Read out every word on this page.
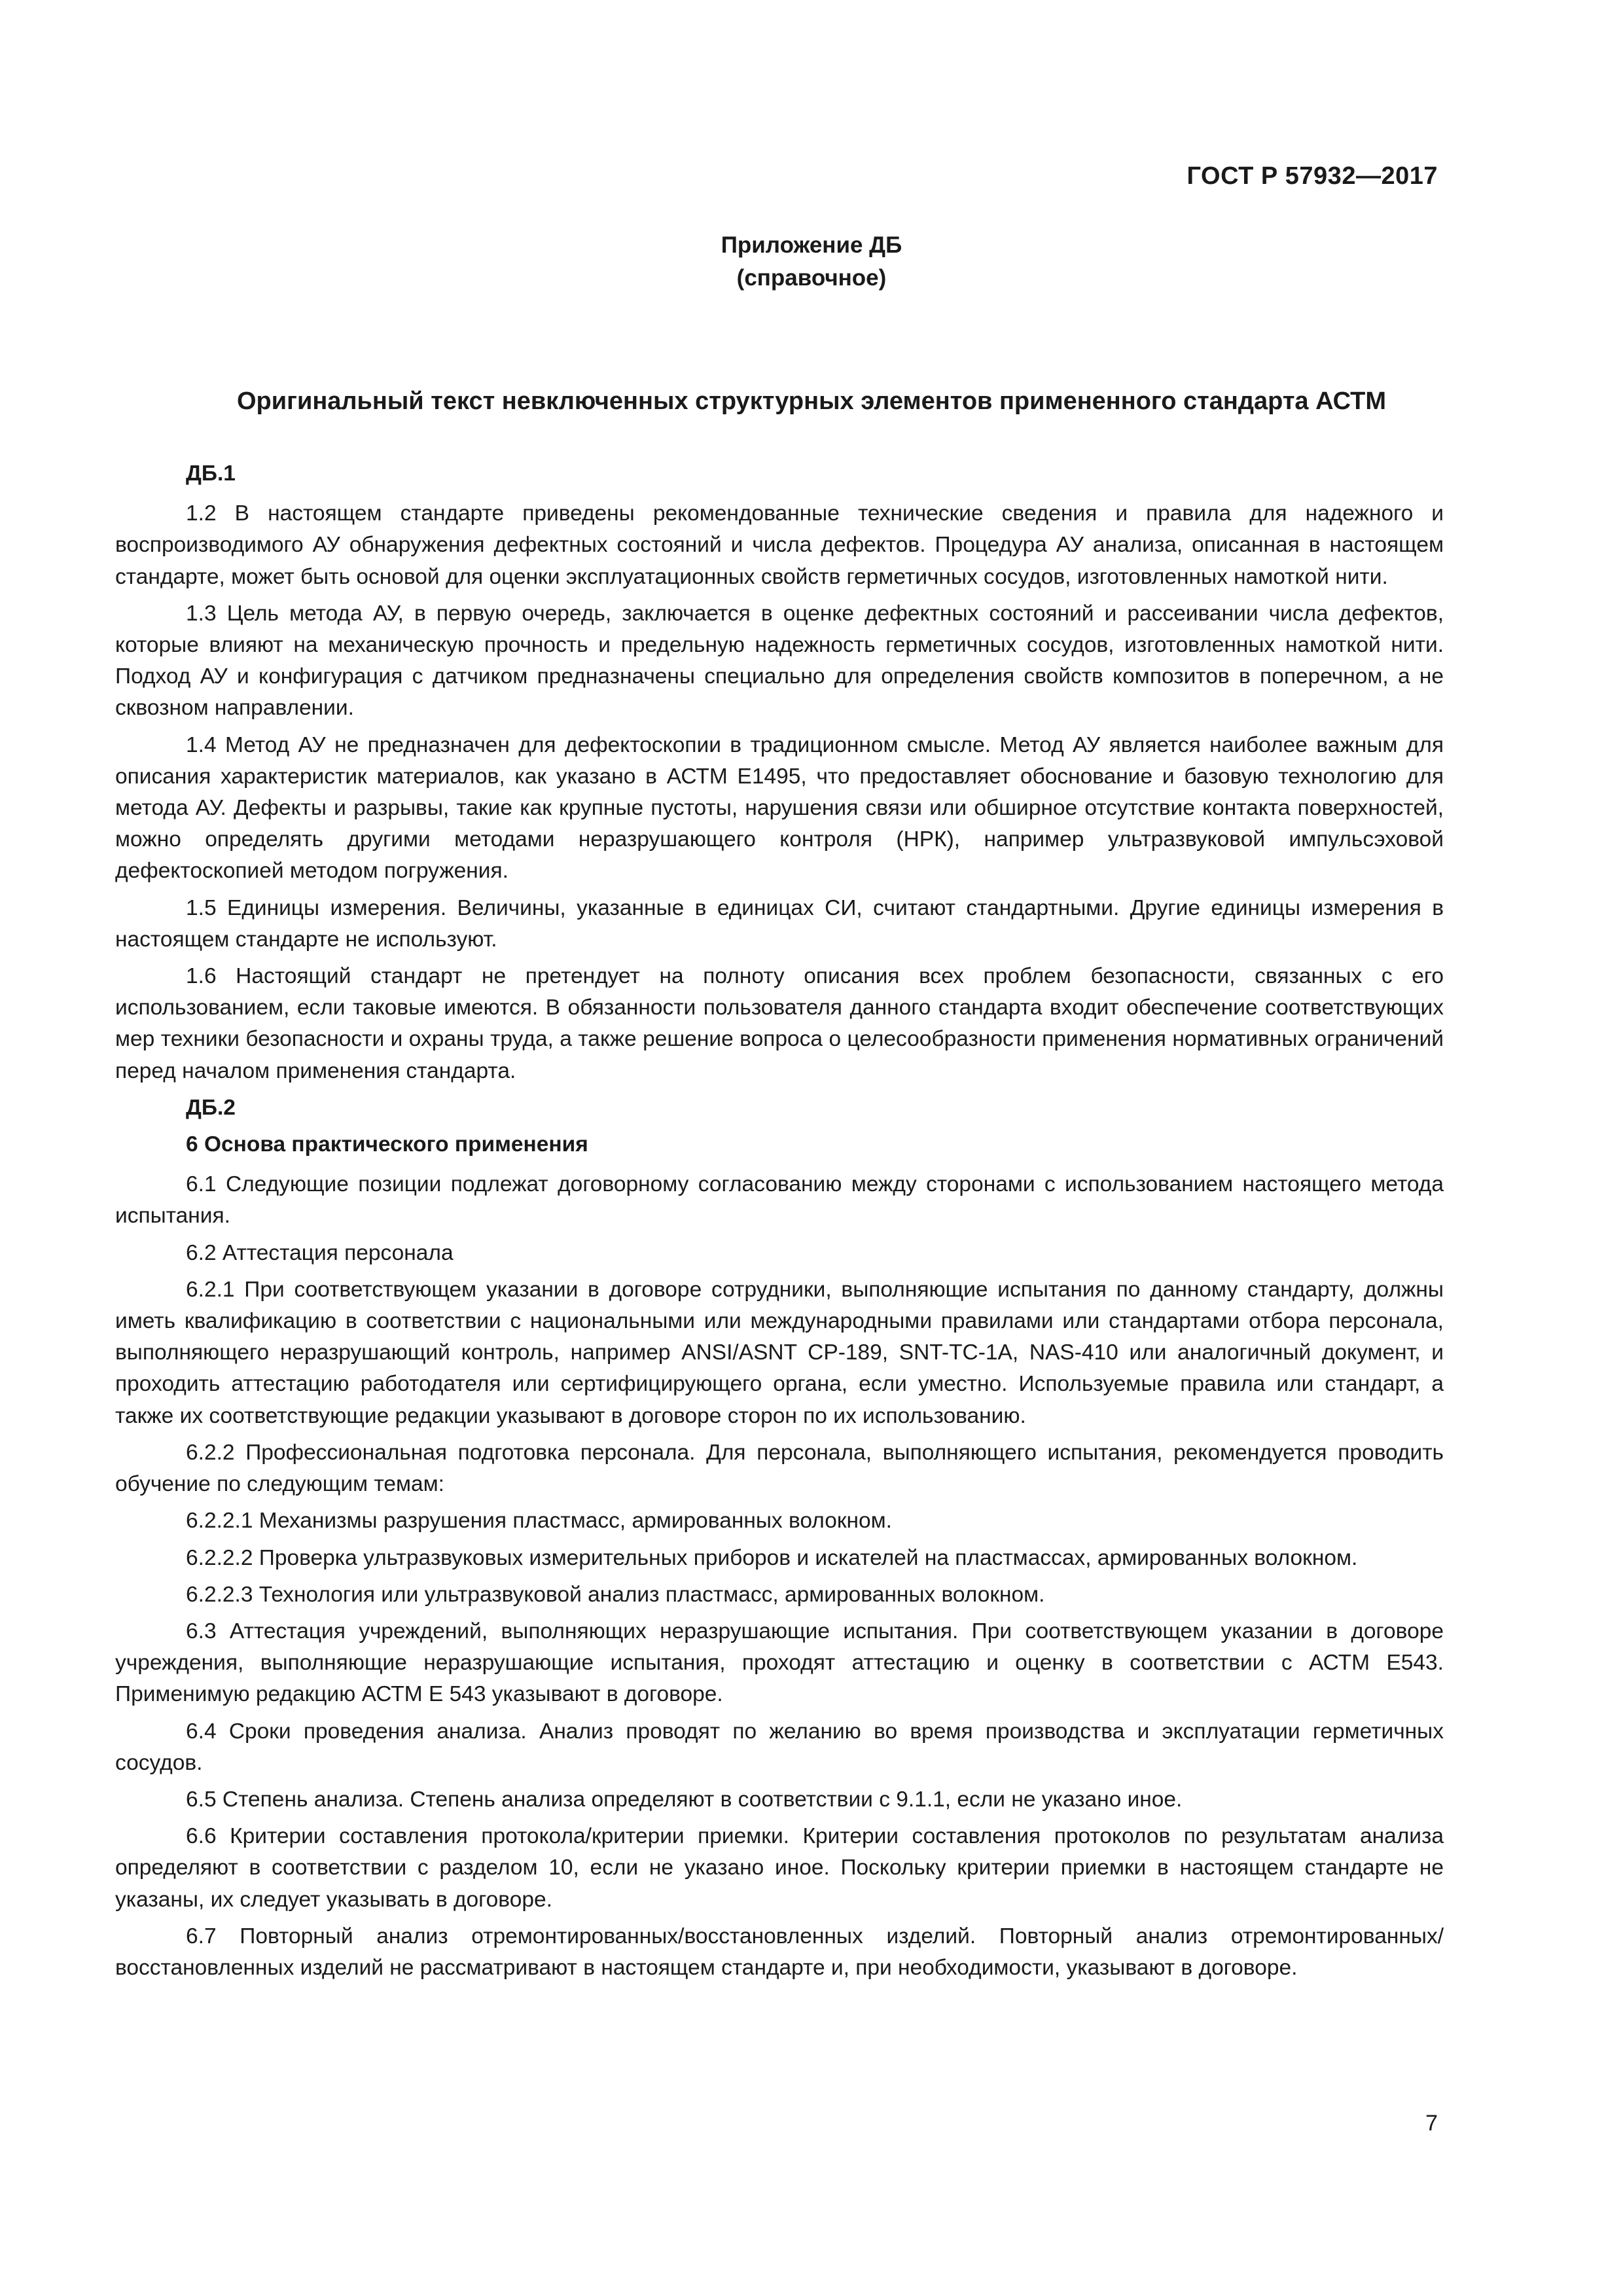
ГОСТ Р 57932—2017
Приложение ДБ
(справочное)
Оригинальный текст невключенных структурных элементов примененного стандарта АСТМ
ДБ.1

1.2 В настоящем стандарте приведены рекомендованные технические сведения и правила для надежного и воспроизводимого АУ обнаружения дефектных состояний и числа дефектов. Процедура АУ анализа, описанная в настоящем стандарте, может быть основой для оценки эксплуатационных свойств герметичных сосудов, изготовленных намоткой нити.

1.3 Цель метода АУ, в первую очередь, заключается в оценке дефектных состояний и рассеивании числа дефектов, которые влияют на механическую прочность и предельную надежность герметичных сосудов, изготовленных намоткой нити. Подход АУ и конфигурация с датчиком предназначены специально для определения свойств композитов в поперечном, а не сквозном направлении.

1.4 Метод АУ не предназначен для дефектоскопии в традиционном смысле. Метод АУ является наиболее важным для описания характеристик материалов, как указано в АСТМ Е1495, что предоставляет обоснование и базовую технологию для метода АУ. Дефекты и разрывы, такие как крупные пустоты, нарушения связи или обширное отсутствие контакта поверхностей, можно определять другими методами неразрушающего контроля (НРК), например ультразвуковой импульсэховой дефектоскопией методом погружения.

1.5 Единицы измерения. Величины, указанные в единицах СИ, считают стандартными. Другие единицы измерения в настоящем стандарте не используют.

1.6 Настоящий стандарт не претендует на полноту описания всех проблем безопасности, связанных с его использованием, если таковые имеются. В обязанности пользователя данного стандарта входит обеспечение соответствующих мер техники безопасности и охраны труда, а также решение вопроса о целесообразности применения нормативных ограничений перед началом применения стандарта.

ДБ.2
6 Основа практического применения

6.1 Следующие позиции подлежат договорному согласованию между сторонами с использованием настоящего метода испытания.

6.2 Аттестация персонала

6.2.1 При соответствующем указании в договоре сотрудники, выполняющие испытания по данному стандарту, должны иметь квалификацию в соответствии с национальными или международными правилами или стандартами отбора персонала, выполняющего неразрушающий контроль, например ANSI/ASNT CP-189, SNT-TC-1A, NAS-410 или аналогичный документ, и проходить аттестацию работодателя или сертифицирующего органа, если уместно. Используемые правила или стандарт, а также их соответствующие редакции указывают в договоре сторон по их использованию.

6.2.2 Профессиональная подготовка персонала. Для персонала, выполняющего испытания, рекомендуется проводить обучение по следующим темам:

6.2.2.1 Механизмы разрушения пластмасс, армированных волокном.

6.2.2.2 Проверка ультразвуковых измерительных приборов и искателей на пластмассах, армированных волокном.

6.2.2.3 Технология или ультразвуковой анализ пластмасс, армированных волокном.

6.3 Аттестация учреждений, выполняющих неразрушающие испытания. При соответствующем указании в договоре учреждения, выполняющие неразрушающие испытания, проходят аттестацию и оценку в соответствии с АСТМ Е543. Применимую редакцию АСТМ Е 543 указывают в договоре.

6.4 Сроки проведения анализа. Анализ проводят по желанию во время производства и эксплуатации герметичных сосудов.

6.5 Степень анализа. Степень анализа определяют в соответствии с 9.1.1, если не указано иное.

6.6 Критерии составления протокола/критерии приемки. Критерии составления протоколов по результатам анализа определяют в соответствии с разделом 10, если не указано иное. Поскольку критерии приемки в настоящем стандарте не указаны, их следует указывать в договоре.

6.7 Повторный анализ отремонтированных/восстановленных изделий. Повторный анализ отремонтированных/восстановленных изделий не рассматривают в настоящем стандарте и, при необходимости, указывают в договоре.

7
